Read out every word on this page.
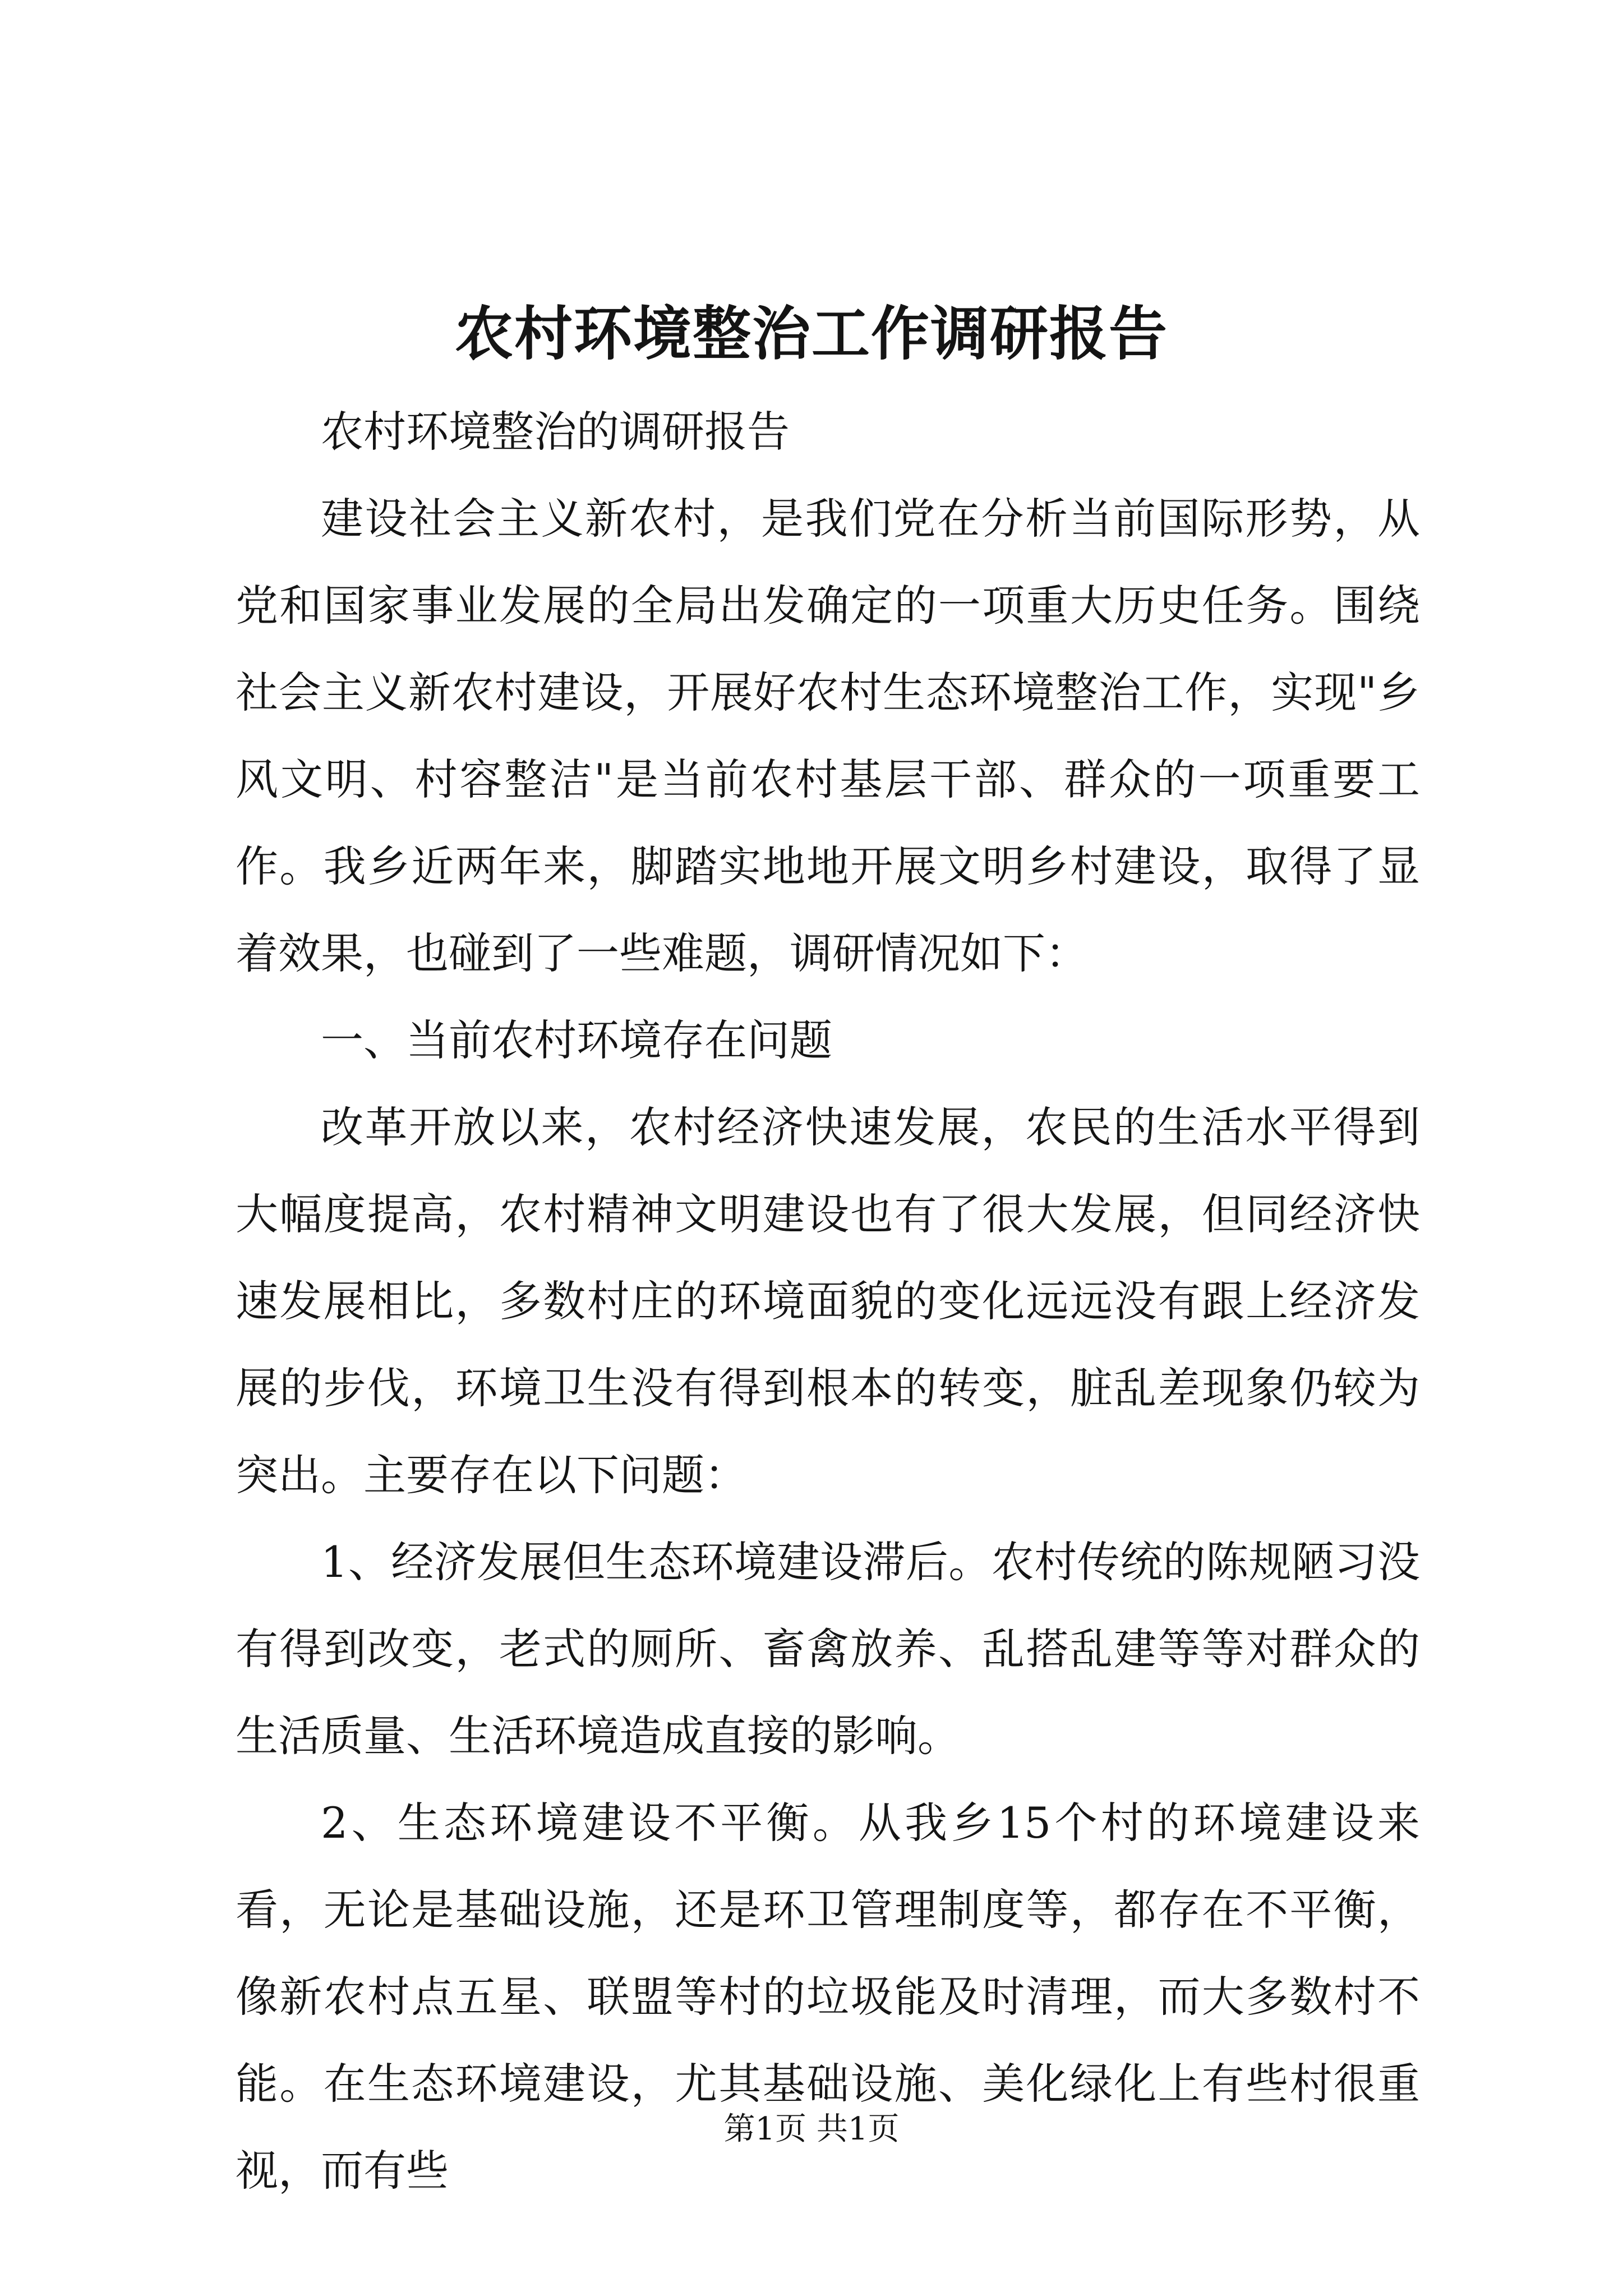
农村环境整治工作调研报告

农村环境整治的调研报告

建设社会主义新农村，是我们党在分析当前国际形势，从党和国家事业发展的全局出发确定的一项重大历史任务。围绕社会主义新农村建设，开展好农村生态环境整治工作，实现"乡风文明、村容整洁"是当前农村基层干部、群众的一项重要工作。我乡近两年来，脚踏实地地开展文明乡村建设，取得了显着效果，也碰到了一些难题，调研情况如下：

一、当前农村环境存在问题

改革开放以来，农村经济快速发展，农民的生活水平得到大幅度提高，农村精神文明建设也有了很大发展，但同经济快速发展相比，多数村庄的环境面貌的变化远远没有跟上经济发展的步伐，环境卫生没有得到根本的转变，脏乱差现象仍较为突出。主要存在以下问题：

1、经济发展但生态环境建设滞后。农村传统的陈规陋习没有得到改变，老式的厕所、畜禽放养、乱搭乱建等等对群众的生活质量、生活环境造成直接的影响。

2、生态环境建设不平衡。从我乡15个村的环境建设来看，无论是基础设施，还是环卫管理制度等，都存在不平衡，像新农村点五星、联盟等村的垃圾能及时清理，而大多数村不能。在生态环境建设，尤其基础设施、美化绿化上有些村很重视，而有些

第1页 共1页
